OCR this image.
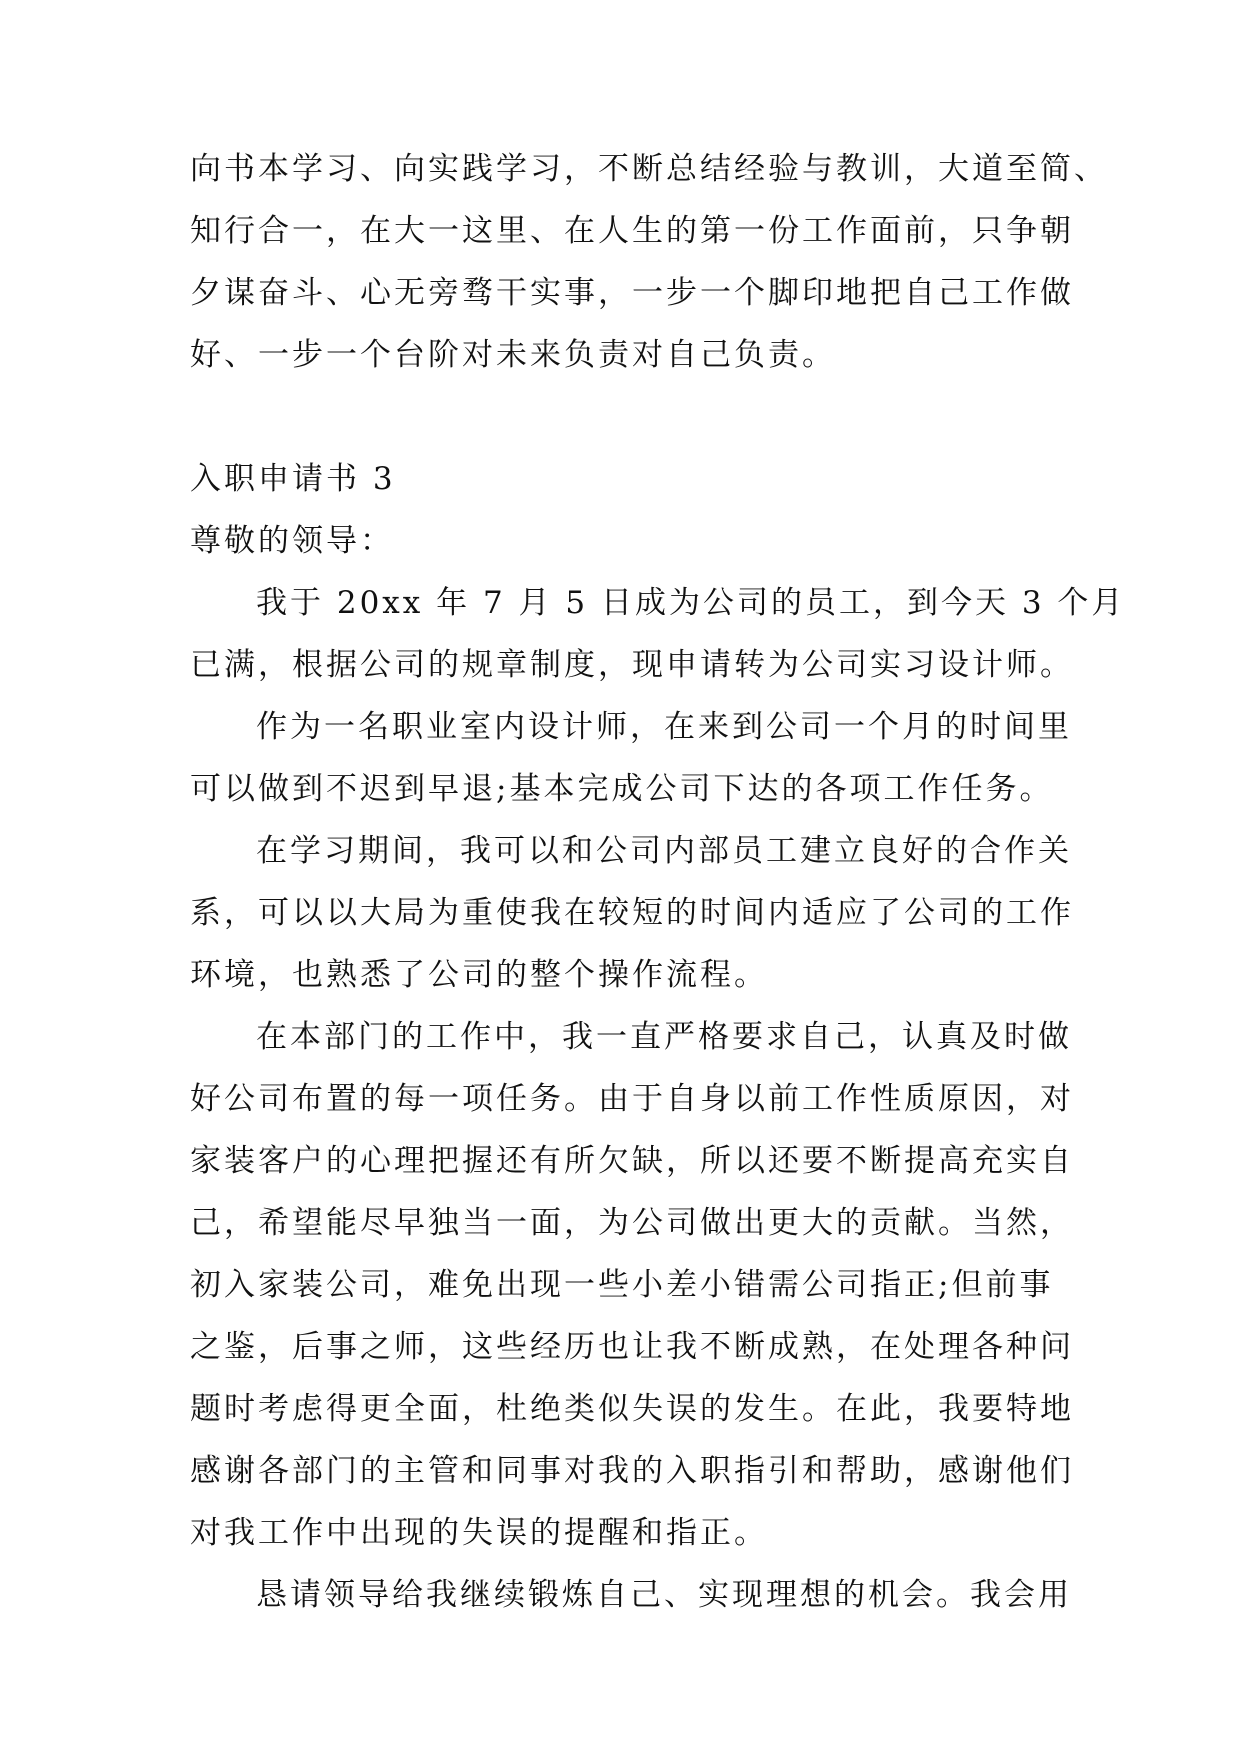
向书本学习、向实践学习，不断总结经验与教训，大道至简、
知行合一，在大一这里、在人生的第一份工作面前，只争朝
夕谋奋斗、心无旁骛干实事，一步一个脚印地把自己工作做
好、一步一个台阶对未来负责对自己负责。
入职申请书 3
尊敬的领导：
我于 20xx 年 7 月 5 日成为公司的员工，到今天 3 个月
已满，根据公司的规章制度，现申请转为公司实习设计师。
作为一名职业室内设计师，在来到公司一个月的时间里
可以做到不迟到早退;基本完成公司下达的各项工作任务。
在学习期间，我可以和公司内部员工建立良好的合作关
系，可以以大局为重使我在较短的时间内适应了公司的工作
环境，也熟悉了公司的整个操作流程。
在本部门的工作中，我一直严格要求自己，认真及时做
好公司布置的每一项任务。由于自身以前工作性质原因，对
家装客户的心理把握还有所欠缺，所以还要不断提高充实自
己，希望能尽早独当一面，为公司做出更大的贡献。当然，
初入家装公司，难免出现一些小差小错需公司指正;但前事
之鉴，后事之师，这些经历也让我不断成熟，在处理各种问
题时考虑得更全面，杜绝类似失误的发生。在此，我要特地
感谢各部门的主管和同事对我的入职指引和帮助，感谢他们
对我工作中出现的失误的提醒和指正。
恳请领导给我继续锻炼自己、实现理想的机会。我会用
